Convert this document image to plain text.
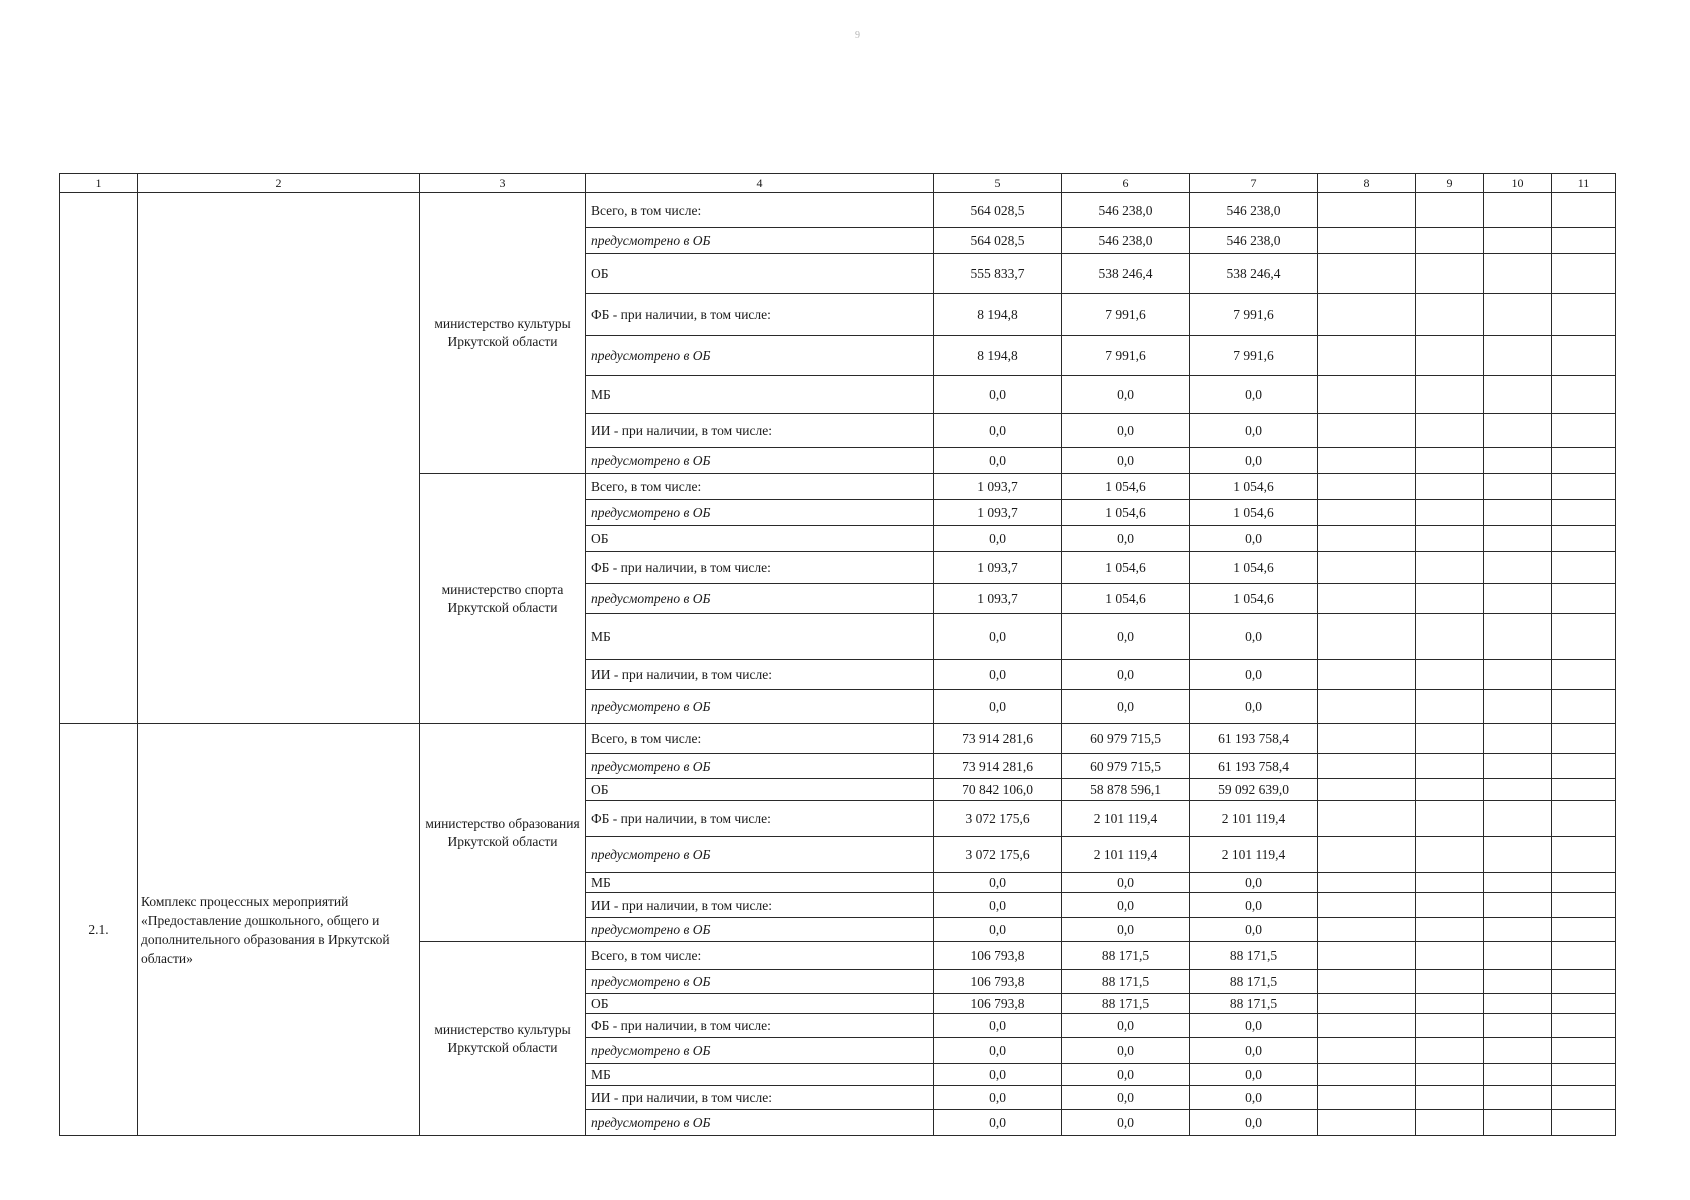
9
1	2	3	4	5	6	7	8	9	10	11
		министерство культуры Иркутской области	Всего, в том числе:	564 028,5	546 238,0	546 238,0				
			предусмотрено в ОБ	564 028,5	546 238,0	546 238,0				
			ОБ	555 833,7	538 246,4	538 246,4				
			ФБ - при наличии, в том числе:	8 194,8	7 991,6	7 991,6				
			предусмотрено в ОБ	8 194,8	7 991,6	7 991,6				
			МБ	0,0	0,0	0,0				
			ИИ - при наличии, в том числе:	0,0	0,0	0,0				
			предусмотрено в ОБ	0,0	0,0	0,0				
		министерство спорта Иркутской области	Всего, в том числе:	1 093,7	1 054,6	1 054,6				
			предусмотрено в ОБ	1 093,7	1 054,6	1 054,6				
			ОБ	0,0	0,0	0,0				
			ФБ - при наличии, в том числе:	1 093,7	1 054,6	1 054,6				
			предусмотрено в ОБ	1 093,7	1 054,6	1 054,6				
			МБ	0,0	0,0	0,0				
			ИИ - при наличии, в том числе:	0,0	0,0	0,0				
			предусмотрено в ОБ	0,0	0,0	0,0				
2.1.	Комплекс процессных мероприятий «Предоставление дошкольного, общего и дополнительного образования в Иркутской области»	министерство образования Иркутской области	Всего, в том числе:	73 914 281,6	60 979 715,5	61 193 758,4				
			предусмотрено в ОБ	73 914 281,6	60 979 715,5	61 193 758,4				
			ОБ	70 842 106,0	58 878 596,1	59 092 639,0				
			ФБ - при наличии, в том числе:	3 072 175,6	2 101 119,4	2 101 119,4				
			предусмотрено в ОБ	3 072 175,6	2 101 119,4	2 101 119,4				
			МБ	0,0	0,0	0,0				
			ИИ - при наличии, в том числе:	0,0	0,0	0,0				
			предусмотрено в ОБ	0,0	0,0	0,0				
		министерство культуры Иркутской области	Всего, в том числе:	106 793,8	88 171,5	88 171,5				
			предусмотрено в ОБ	106 793,8	88 171,5	88 171,5				
			ОБ	106 793,8	88 171,5	88 171,5				
			ФБ - при наличии, в том числе:	0,0	0,0	0,0				
			предусмотрено в ОБ	0,0	0,0	0,0				
			МБ	0,0	0,0	0,0				
			ИИ - при наличии, в том числе:	0,0	0,0	0,0				
			предусмотрено в ОБ	0,0	0,0	0,0				
